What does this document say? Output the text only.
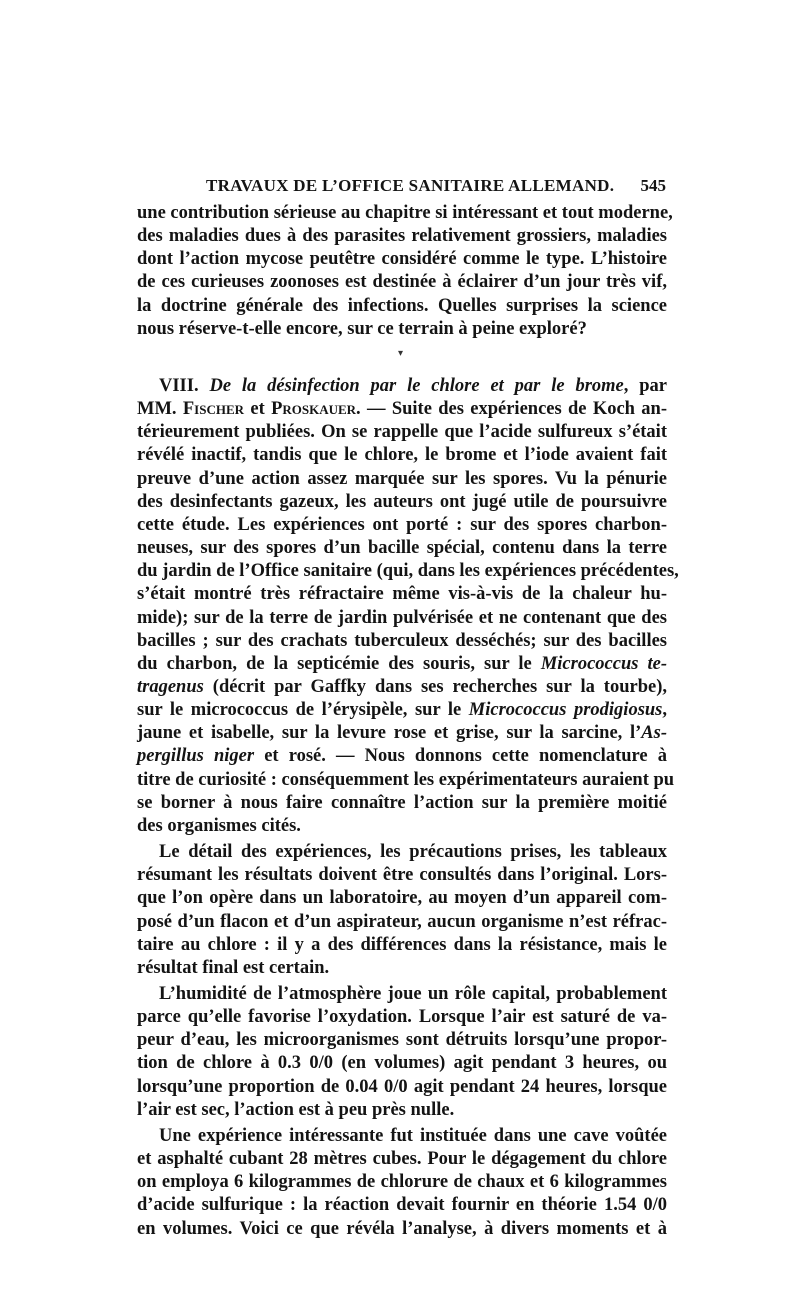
TRAVAUX DE L’OFFICE SANITAIRE ALLEMAND. 545
▾
une contribution sérieuse au chapitre si intéressant et tout moderne,
des maladies dues à des parasites relativement grossiers, maladies
dont l’action mycose peutêtre considéré comme le type. L’histoire
de ces curieuses zoonoses est destinée à éclairer d’un jour très vif,
la doctrine générale des infections. Quelles surprises la science
nous réserve-t-elle encore, sur ce terrain à peine exploré?
VIII. De la désinfection par le chlore et par le brome, par
MM. Fischer et Proskauer. — Suite des expériences de Koch an-
térieurement publiées. On se rappelle que l’acide sulfureux s’était
révélé inactif, tandis que le chlore, le brome et l’iode avaient fait
preuve d’une action assez marquée sur les spores. Vu la pénurie
des desinfectants gazeux, les auteurs ont jugé utile de poursuivre
cette étude. Les expériences ont porté : sur des spores charbon-
neuses, sur des spores d’un bacille spécial, contenu dans la terre
du jardin de l’Office sanitaire (qui, dans les expériences précédentes,
s’était montré très réfractaire même vis-à-vis de la chaleur hu-
mide); sur de la terre de jardin pulvérisée et ne contenant que des
bacilles ; sur des crachats tuberculeux desséchés; sur des bacilles
du charbon, de la septicémie des souris, sur le Micrococcus te-
tragenus (décrit par Gaffky dans ses recherches sur la tourbe),
sur le micrococcus de l’érysipèle, sur le Micrococcus prodigiosus,
jaune et isabelle, sur la levure rose et grise, sur la sarcine, l’As-
pergillus niger et rosé. — Nous donnons cette nomenclature à
titre de curiosité : conséquemment les expérimentateurs auraient pu
se borner à nous faire connaître l’action sur la première moitié
des organismes cités.
Le détail des expériences, les précautions prises, les tableaux
résumant les résultats doivent être consultés dans l’original. Lors-
que l’on opère dans un laboratoire, au moyen d’un appareil com-
posé d’un flacon et d’un aspirateur, aucun organisme n’est réfrac-
taire au chlore : il y a des différences dans la résistance, mais le
résultat final est certain.
L’humidité de l’atmosphère joue un rôle capital, probablement
parce qu’elle favorise l’oxydation. Lorsque l’air est saturé de va-
peur d’eau, les microorganismes sont détruits lorsqu’une propor-
tion de chlore à 0.3 0/0 (en volumes) agit pendant 3 heures, ou
lorsqu’une proportion de 0.04 0/0 agit pendant 24 heures, lorsque
l’air est sec, l’action est à peu près nulle.
Une expérience intéressante fut instituée dans une cave voûtée
et asphalté cubant 28 mètres cubes. Pour le dégagement du chlore
on employa 6 kilogrammes de chlorure de chaux et 6 kilogrammes
d’acide sulfurique : la réaction devait fournir en théorie 1.54 0/0
en volumes. Voici ce que révéla l’analyse, à divers moments et à
